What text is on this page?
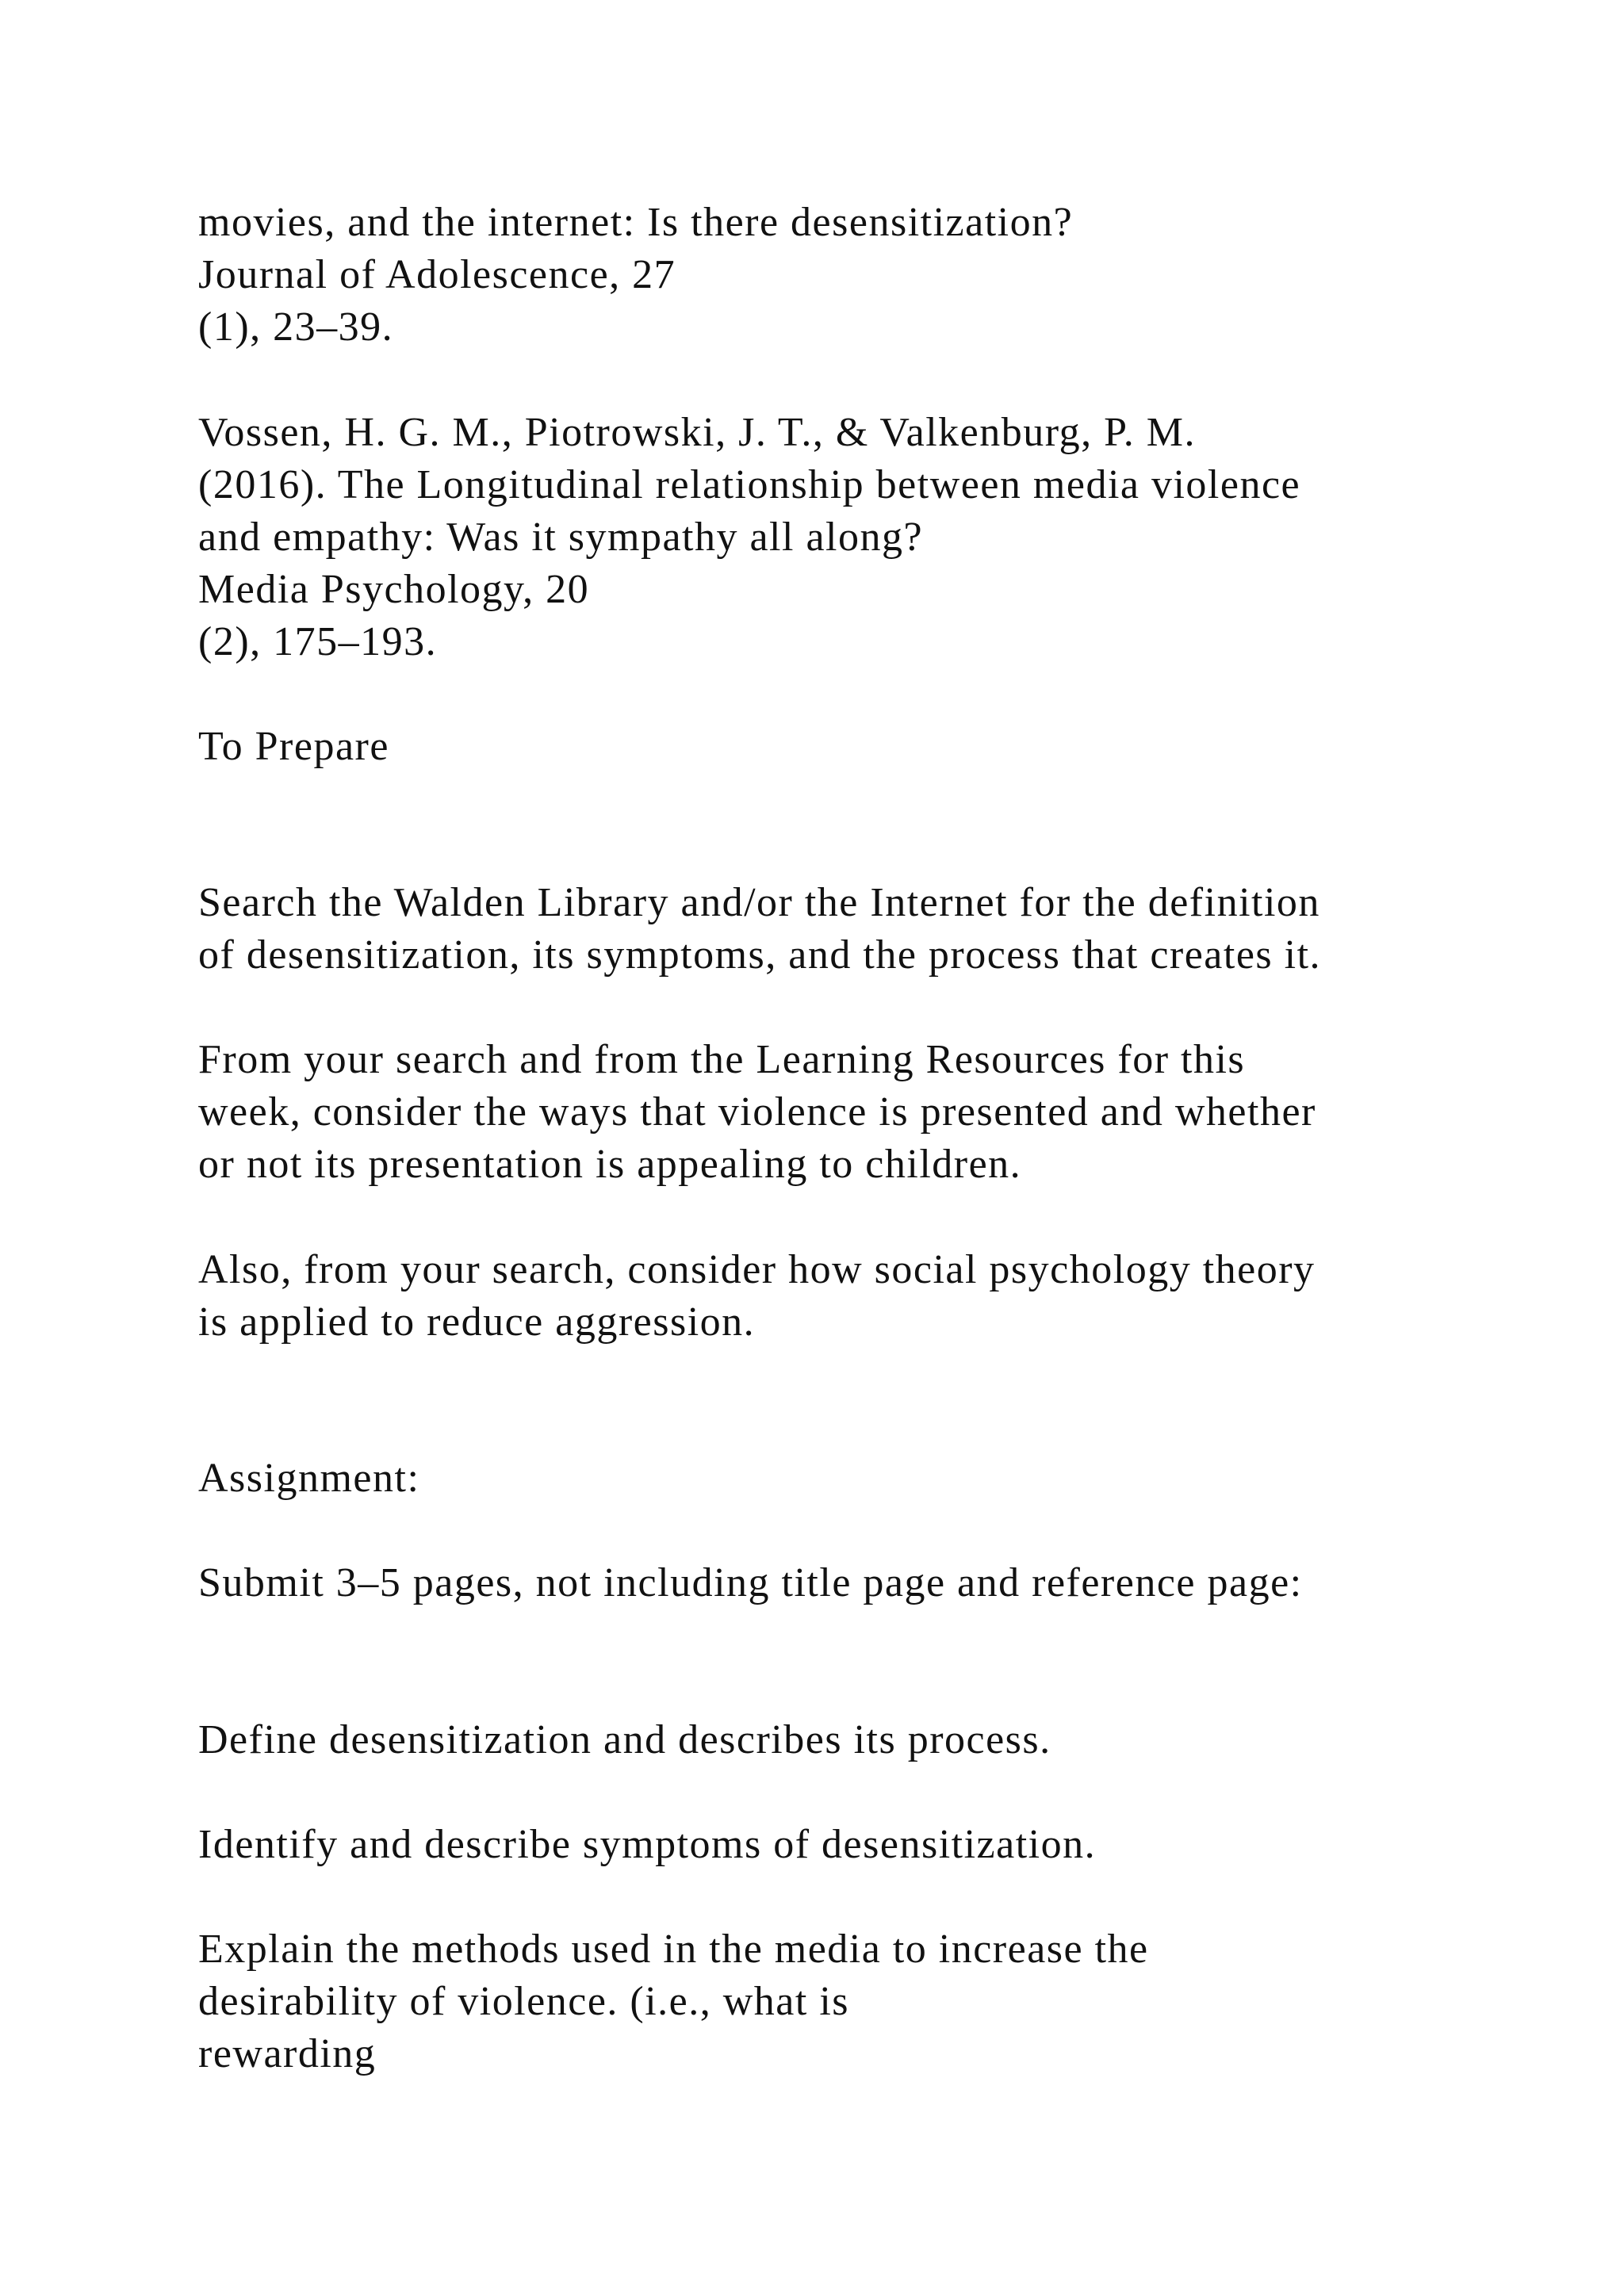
movies, and the internet: Is there desensitization?

Journal of Adolescence, 27

(1), 23–39.

Vossen, H. G. M., Piotrowski, J. T., & Valkenburg, P. M.

(2016). The Longitudinal relationship between media violence

and empathy: Was it sympathy all along?

Media Psychology, 20

(2), 175–193.

To Prepare

Search the Walden Library and/or the Internet for the definition

of desensitization, its symptoms, and the process that creates it.

From your search and from the Learning Resources for this

week, consider the ways that violence is presented and whether

or not its presentation is appealing to children.

Also, from your search, consider how social psychology theory

is applied to reduce aggression.

Assignment:

Submit 3–5 pages, not including title page and reference page:

Define desensitization and describes its process.

Identify and describe symptoms of desensitization.

Explain the methods used in the media to increase the

desirability of violence. (i.e., what is

rewarding
